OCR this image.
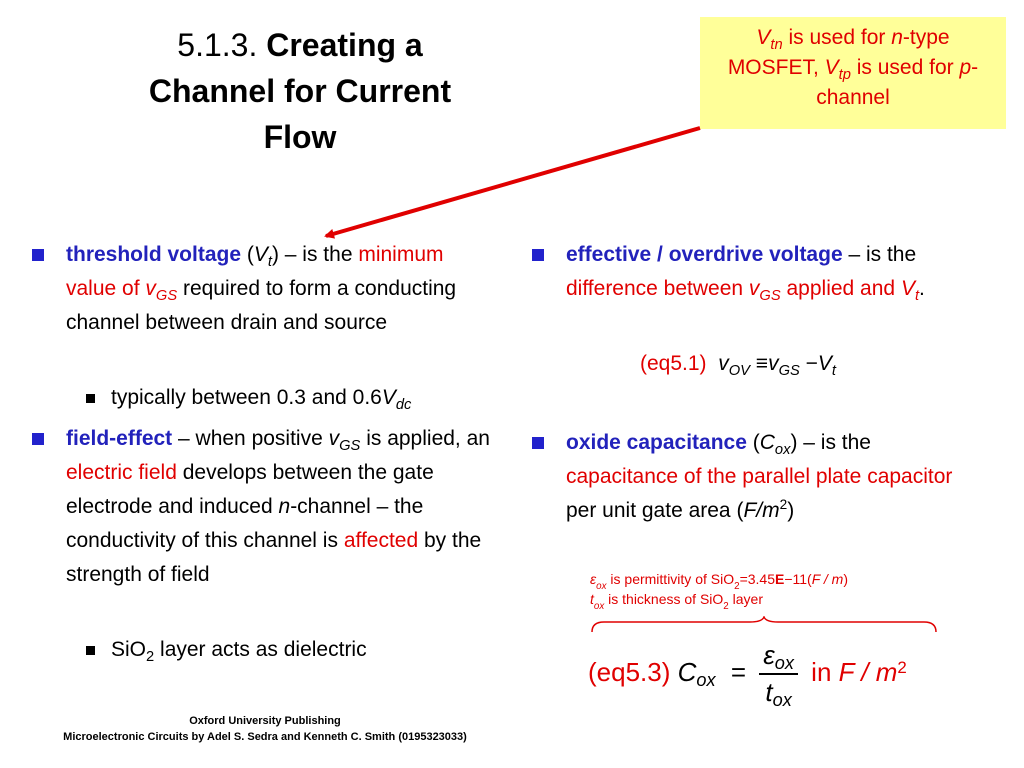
5.1.3. Creating a Channel for Current Flow
$V_{tn}$ is used for n-type MOSFET, $V_{tp}$ is used for p-channel
threshold voltage $(V_t)$ – is the minimum value of $v_{GS}$ required to form a conducting channel between drain and source
typically between 0.3 and $0.6V_{dc}$
field-effect – when positive $v_{GS}$ is applied, an electric field develops between the gate electrode and induced n-channel – the conductivity of this channel is affected by the strength of field
SiO$_2$ layer acts as dielectric
effective / overdrive voltage – is the difference between $v_{GS}$ applied and $V_t$.
oxide capacitance $(C_{ox})$ – is the capacitance of the parallel plate capacitor per unit gate area $(F/m^2)$
(eq5.1) $v_{OV} \equiv v_{GS} -V_t$
$\varepsilon_{ox}$ is permittivity of SiO$_2$=3.45E−11(F / m)
$t_{ox}$ is thickness of SiO$_2$ layer
(eq5.3) $C_{ox} = \frac{\varepsilon_{ox}}{t_{ox}}$ in F / $m^2$
Oxford University Publishing
Microelectronic Circuits by Adel S. Sedra and Kenneth C. Smith (0195323033)
